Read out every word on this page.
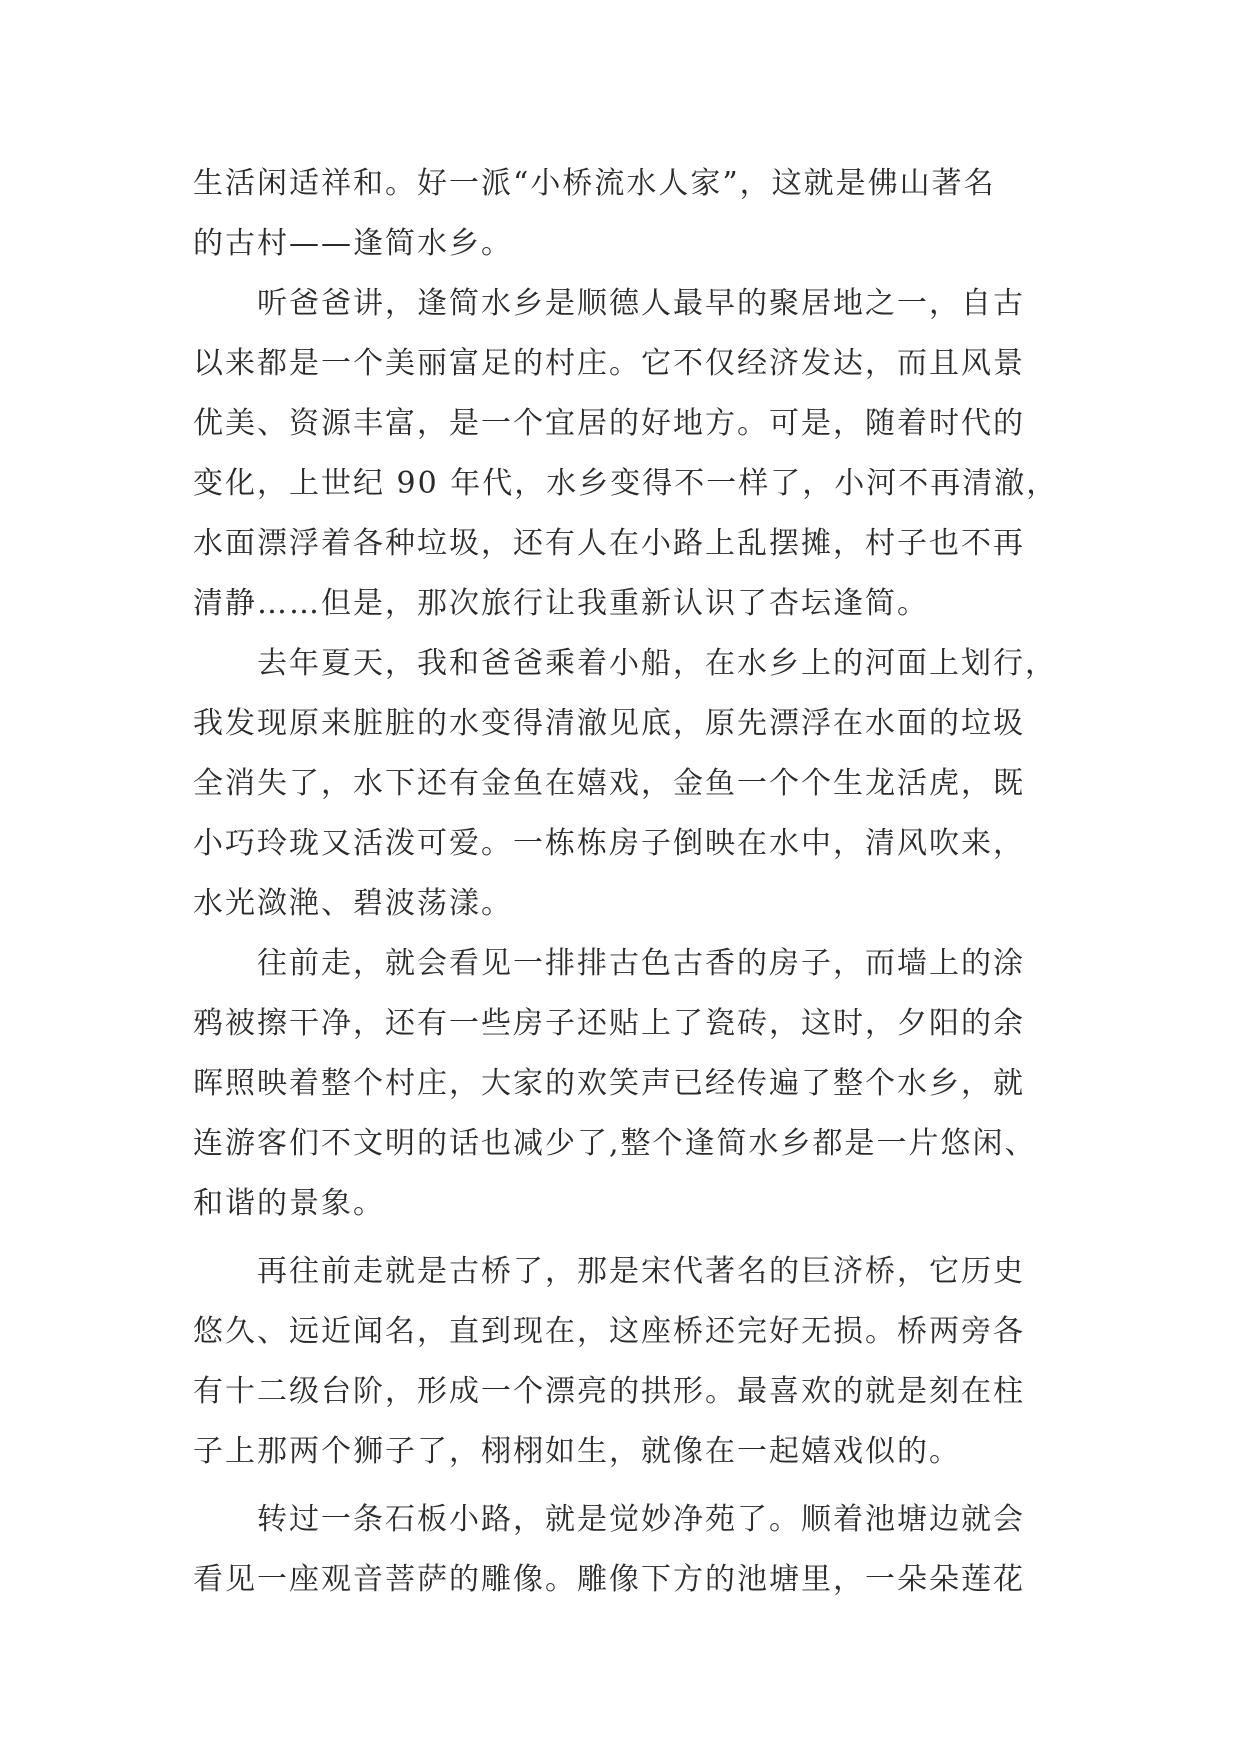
生活闲适祥和。好一派“小桥流水人家”，这就是佛山著名
的古村——逢简水乡。
听爸爸讲，逢简水乡是顺德人最早的聚居地之一，自古
以来都是一个美丽富足的村庄。它不仅经济发达，而且风景
优美、资源丰富，是一个宜居的好地方。可是，随着时代的
变化，上世纪 90 年代，水乡变得不一样了，小河不再清澈，
水面漂浮着各种垃圾，还有人在小路上乱摆摊，村子也不再
清静……但是，那次旅行让我重新认识了杏坛逢简。
去年夏天，我和爸爸乘着小船，在水乡上的河面上划行，
我发现原来脏脏的水变得清澈见底，原先漂浮在水面的垃圾
全消失了，水下还有金鱼在嬉戏，金鱼一个个生龙活虎，既
小巧玲珑又活泼可爱。一栋栋房子倒映在水中，清风吹来，
水光潋滟、碧波荡漾。
往前走，就会看见一排排古色古香的房子，而墙上的涂
鸦被擦干净，还有一些房子还贴上了瓷砖，这时，夕阳的余
晖照映着整个村庄，大家的欢笑声已经传遍了整个水乡，就
连游客们不文明的话也减少了,整个逢简水乡都是一片悠闲、
和谐的景象。
再往前走就是古桥了，那是宋代著名的巨济桥，它历史
悠久、远近闻名，直到现在，这座桥还完好无损。桥两旁各
有十二级台阶，形成一个漂亮的拱形。最喜欢的就是刻在柱
子上那两个狮子了，栩栩如生，就像在一起嬉戏似的。
转过一条石板小路，就是觉妙净苑了。顺着池塘边就会
看见一座观音菩萨的雕像。雕像下方的池塘里，一朵朵莲花
